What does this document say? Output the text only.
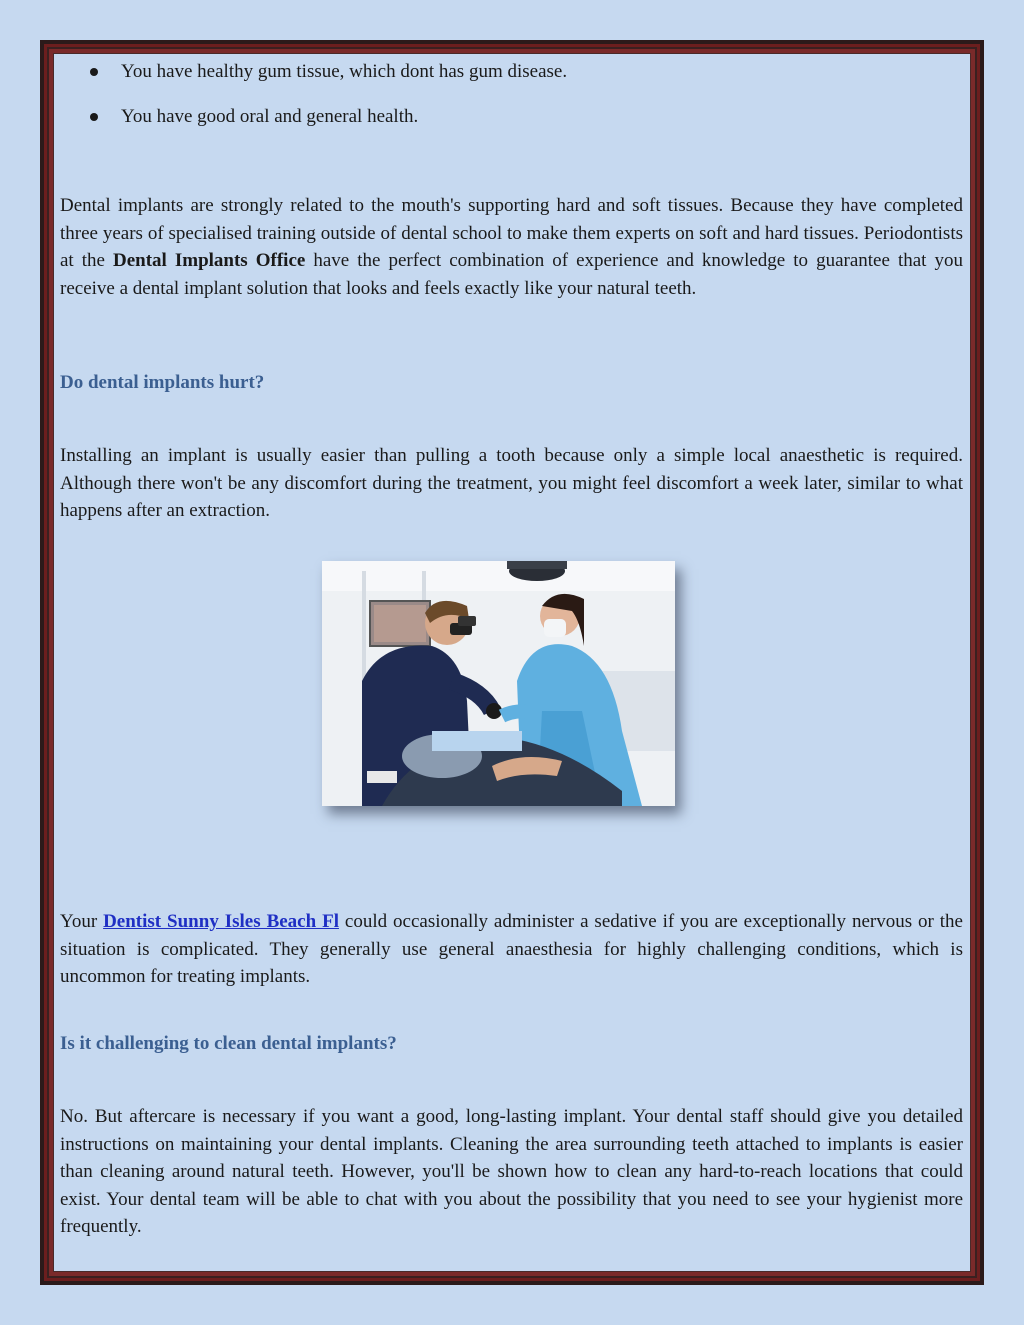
You have healthy gum tissue, which dont has gum disease.
You have good oral and general health.

Dental implants are strongly related to the mouth's supporting hard and soft tissues. Because they have completed three years of specialised training outside of dental school to make them experts on soft and hard tissues. Periodontists at the Dental Implants Office have the perfect combination of experience and knowledge to guarantee that you receive a dental implant solution that looks and feels exactly like your natural teeth.

Do dental implants hurt?

Installing an implant is usually easier than pulling a tooth because only a simple local anaesthetic is required. Although there won't be any discomfort during the treatment, you might feel discomfort a week later, similar to what happens after an extraction.

Your Dentist Sunny Isles Beach Fl could occasionally administer a sedative if you are exceptionally nervous or the situation is complicated. They generally use general anaesthesia for highly challenging conditions, which is uncommon for treating implants.

Is it challenging to clean dental implants?

No. But aftercare is necessary if you want a good, long-lasting implant. Your dental staff should give you detailed instructions on maintaining your dental implants. Cleaning the area surrounding teeth attached to implants is easier than cleaning around natural teeth. However, you'll be shown how to clean any hard-to-reach locations that could exist. Your dental team will be able to chat with you about the possibility that you need to see your hygienist more frequently.
